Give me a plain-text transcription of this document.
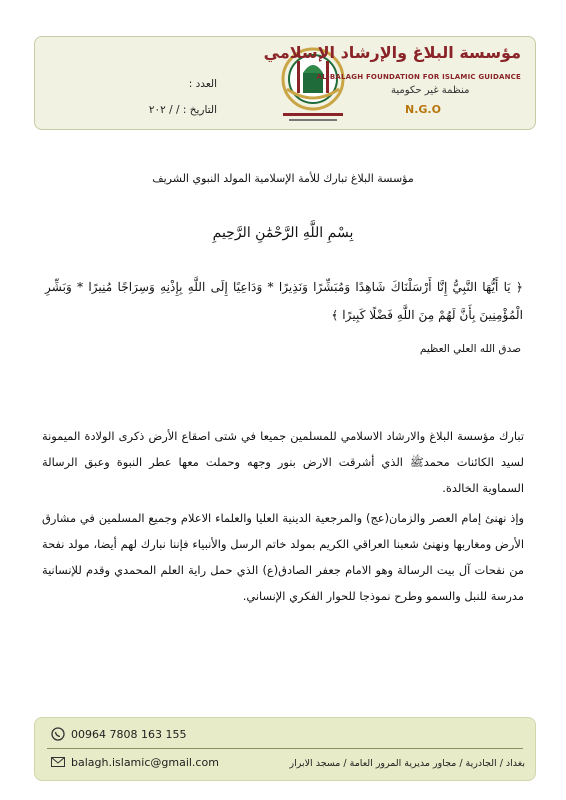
العدد :
التاريخ : / / ٢٠٢
مؤسسة البلاغ والإرشاد الإسلامي
AL-BALAGH FOUNDATION FOR ISLAMIC GUIDANCE
منظمة غير حكومية
N.G.O
مؤسسة البلاغ تبارك للأمة الإسلامية المولد النبوي الشريف
بِسْمِ اللَّهِ الرَّحْمَٰنِ الرَّحِيمِ
﴿ يَا أَيُّهَا النَّبِيُّ إِنَّا أَرْسَلْنَاكَ شَاهِدًا وَمُبَشِّرًا وَنَذِيرًا * وَدَاعِيًا إِلَى اللَّهِ بِإِذْنِهِ وَسِرَاجًا مُنِيرًا * وَبَشِّرِ الْمُؤْمِنِينَ بِأَنَّ لَهُمْ مِنَ اللَّهِ فَضْلًا كَبِيرًا ﴾
صدق الله العلي العظيم
تبارك مؤسسة البلاغ والارشاد الاسلامي للمسلمين جميعا في شتى اصقاع الأرض ذكرى الولادة الميمونة لسيد الكائنات محمدﷺ الذي أشرقت الارض بنور وجهه وحملت معها عطر النبوة وعبق الرسالة السماوية الخالدة.
وإذ نهنئ إمام العصر والزمان(عج) والمرجعية الدينية العليا والعلماء الاعلام وجميع المسلمين في مشارق الأرض ومغاربها ونهنئ شعبنا العراقي الكريم بمولد خاتم الرسل والأنبياء فإننا نبارك لهم أيضا، مولد نفحة من نفحات آل بيت الرسالة وهو الامام جعفر الصادق(ع) الذي حمل راية العلم المحمدي وقدم للإنسانية مدرسة للنبل والسمو وطرح نموذجا للحوار الفكري الإنساني.
00964 7808 163 155
balagh.islamic@gmail.com	بغداد / الجادرية / مجاور مديرية المرور العامة / مسجد الابرار
